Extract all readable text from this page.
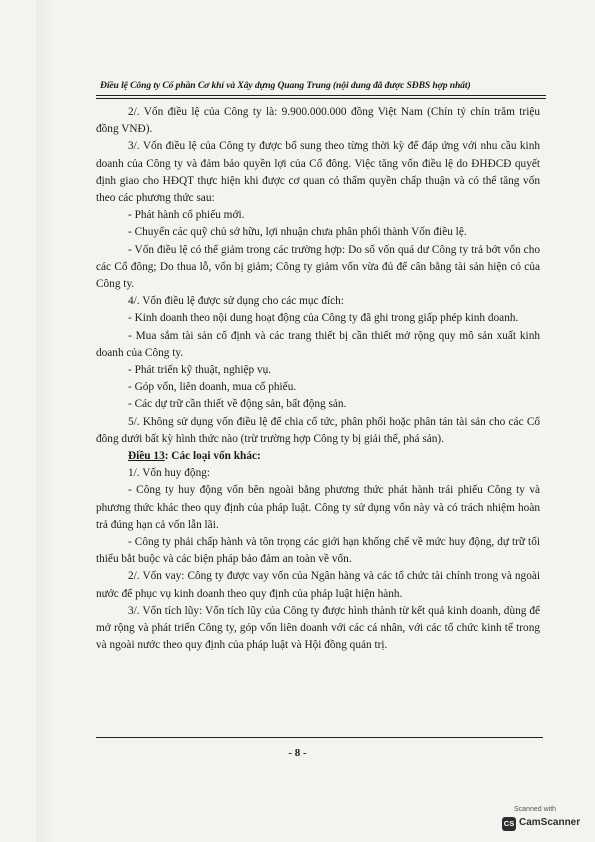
Điều lệ Công ty Cổ phần Cơ khí và Xây dựng Quang Trung (nội dung đã được SĐBS hợp nhất)

2/. Vốn điều lệ của Công ty là: 9.900.000.000 đồng Việt Nam (Chín tỷ chín trăm triệu đồng VNĐ).

3/. Vốn điều lệ của Công ty được bổ sung theo từng thời kỳ để đáp ứng với nhu cầu kinh doanh của Công ty và đảm bảo quyền lợi của Cổ đông. Việc tăng vốn điều lệ do ĐHĐCĐ quyết định giao cho HĐQT thực hiện khi được cơ quan có thẩm quyền chấp thuận và có thể tăng vốn theo các phương thức sau:

- Phát hành cổ phiếu mới.

- Chuyển các quỹ chủ sở hữu, lợi nhuận chưa phân phối thành Vốn điều lệ.

- Vốn điều lệ có thể giảm trong các trường hợp: Do số vốn quá dư Công ty trả bớt vốn cho các Cổ đông; Do thua lỗ, vốn bị giảm; Công ty giảm vốn vừa đủ để cân bằng tài sản hiện có của Công ty.

4/. Vốn điều lệ được sử dụng cho các mục đích:

- Kinh doanh theo nội dung hoạt động của Công ty đã ghi trong giấp phép kinh doanh.

- Mua sắm tài sản cố định và các trang thiết bị cần thiết mở rộng quy mô sản xuất kinh doanh của Công ty.

- Phát triển kỹ thuật, nghiệp vụ.

- Góp vốn, liên doanh, mua cổ phiếu.

- Các dự trữ cần thiết về động sản, bất động sản.

5/. Không sử dụng vốn điều lệ để chia cổ tức, phân phối hoặc phân tán tài sản cho các Cổ đông dưới bất kỳ hình thức nào (trừ trường hợp Công ty bị giải thể, phá sản).

Điều 13: Các loại vốn khác:

1/. Vốn huy động:

- Công ty huy động vốn bên ngoài bằng phương thức phát hành trái phiếu Công ty và phương thức khác theo quy định của pháp luật. Công ty sử dụng vốn này và có trách nhiệm hoàn trả đúng hạn cả vốn lẫn lãi.

- Công ty phải chấp hành và tôn trọng các giới hạn khống chế về mức huy động, dự trữ tối thiểu bắt buộc và các biện pháp bảo đảm an toàn về vốn.

2/. Vốn vay: Công ty được vay vốn của Ngân hàng và các tổ chức tài chính trong và ngoài nước để phục vụ kinh doanh theo quy định của pháp luật hiện hành.

3/. Vốn tích lũy: Vốn tích lũy của Công ty được hình thành từ kết quả kinh doanh, dùng để mở rộng và phát triển Công ty, góp vốn liên doanh với các cá nhân, với các tổ chức kinh tế trong và ngoài nước theo quy định của pháp luật và Hội đồng quản trị.

- 8 -
Scanned with
CS CamScanner
